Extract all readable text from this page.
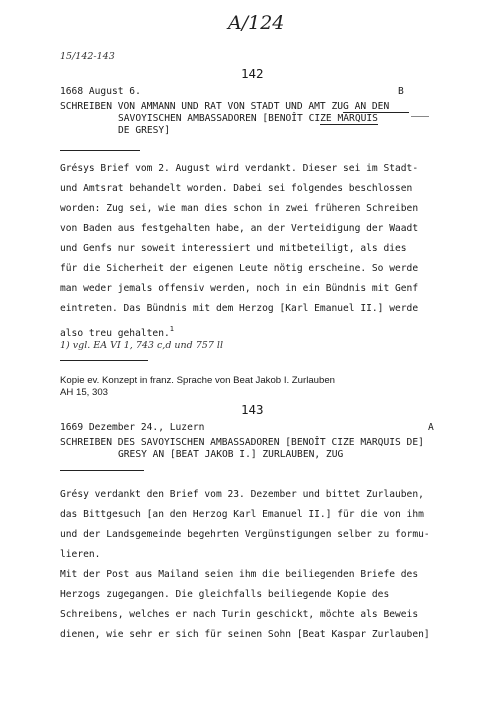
A/124
15/142-143
142
1668 August 6.	B
SCHREIBEN VON AMMANN UND RAT VON STADT UND AMT ZUG AN DEN
SAVOYISCHEN AMBASSADOREN [BENOÎT CIZE MARQUIS
DE GRESY]
Grésys Brief vom 2. August wird verdankt. Dieser sei im Stadt-
und Amtsrat behandelt worden. Dabei sei folgendes beschlossen
worden: Zug sei, wie man dies schon in zwei früheren Schreiben
von Baden aus festgehalten habe, an der Verteidigung der Waadt
und Genfs nur soweit interessiert und mitbeteiligt, als dies
für die Sicherheit der eigenen Leute nötig erscheine. So werde
man weder jemals offensiv werden, noch in ein Bündnis mit Genf
eintreten. Das Bündnis mit dem Herzog [Karl Emanuel II.] werde
also treu gehalten.$^1$
1) vgl. EA VI 1, 743 c,d und 757 ll
Kopie ev. Konzept in franz. Sprache von Beat Jakob I. Zurlauben
AH 15, 303
143
1669 Dezember 24., Luzern	A
SCHREIBEN DES SAVOYISCHEN AMBASSADOREN [BENOÎT CIZE MARQUIS DE]
GRESY AN [BEAT JAKOB I.] ZURLAUBEN, ZUG
Grésy verdankt den Brief vom 23. Dezember und bittet Zurlauben,
das Bittgesuch [an den Herzog Karl Emanuel II.] für die von ihm
und der Landsgemeinde begehrten Vergünstigungen selber zu formu-
lieren.
Mit der Post aus Mailand seien ihm die beiliegenden Briefe des
Herzogs zugegangen. Die gleichfalls beiliegende Kopie des
Schreibens, welches er nach Turin geschickt, möchte als Beweis
dienen, wie sehr er sich für seinen Sohn [Beat Kaspar Zurlauben]
